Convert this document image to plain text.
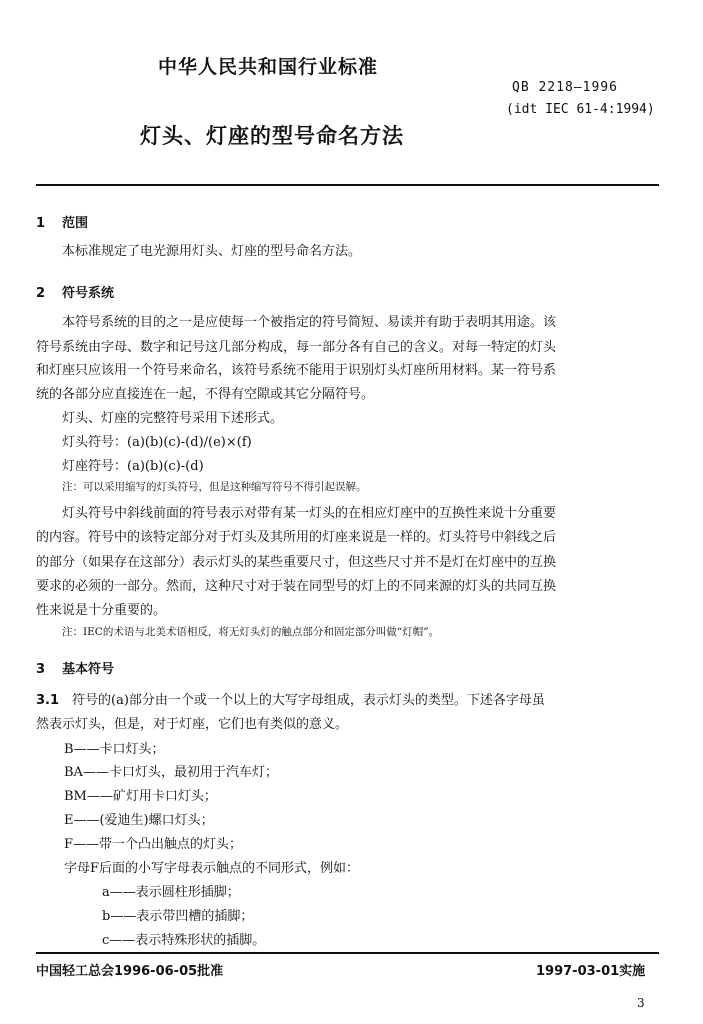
中华人民共和国行业标准
QB 2218—1996
(idt IEC 61-4:1994)
灯头、灯座的型号命名方法
1 范围
本标准规定了电光源用灯头、灯座的型号命名方法。
2 符号系统
本符号系统的目的之一是应使每一个被指定的符号简短、易读并有助于表明其用途。该
符号系统由字母、数字和记号这几部分构成，每一部分各有自己的含义。对每一特定的灯头
和灯座只应该用一个符号来命名，该符号系统不能用于识别灯头灯座所用材料。某一符号系
统的各部分应直接连在一起，不得有空隙或其它分隔符号。
灯头、灯座的完整符号采用下述形式。
灯头符号：(a)(b)(c)-(d)/(e)×(f)
灯座符号：(a)(b)(c)-(d)
注：可以采用缩写的灯头符号，但是这种缩写符号不得引起误解。
灯头符号中斜线前面的符号表示对带有某一灯头的在相应灯座中的互换性来说十分重要
的内容。符号中的该特定部分对于灯头及其所用的灯座来说是一样的。灯头符号中斜线之后
的部分（如果存在这部分）表示灯头的某些重要尺寸，但这些尺寸并不是灯在灯座中的互换
要求的必须的一部分。然而，这种尺寸对于装在同型号的灯上的不同来源的灯头的共同互换
性来说是十分重要的。
注：IEC的术语与北美术语相反，将无灯头灯的触点部分和固定部分叫做“灯帽”。
3 基本符号
3.1 符号的(a)部分由一个或一个以上的大写字母组成，表示灯头的类型。下述各字母虽
然表示灯头，但是，对于灯座，它们也有类似的意义。
B——卡口灯头；
BA——卡口灯头，最初用于汽车灯；
BM——矿灯用卡口灯头；
E——(爱迪生)螺口灯头；
F——带一个凸出触点的灯头；
字母F后面的小写字母表示触点的不同形式，例如：
a——表示圆柱形插脚；
b——表示带凹槽的插脚；
c——表示特殊形状的插脚。
中国轻工总会1996-06-05批准	1997-03-01实施
3
